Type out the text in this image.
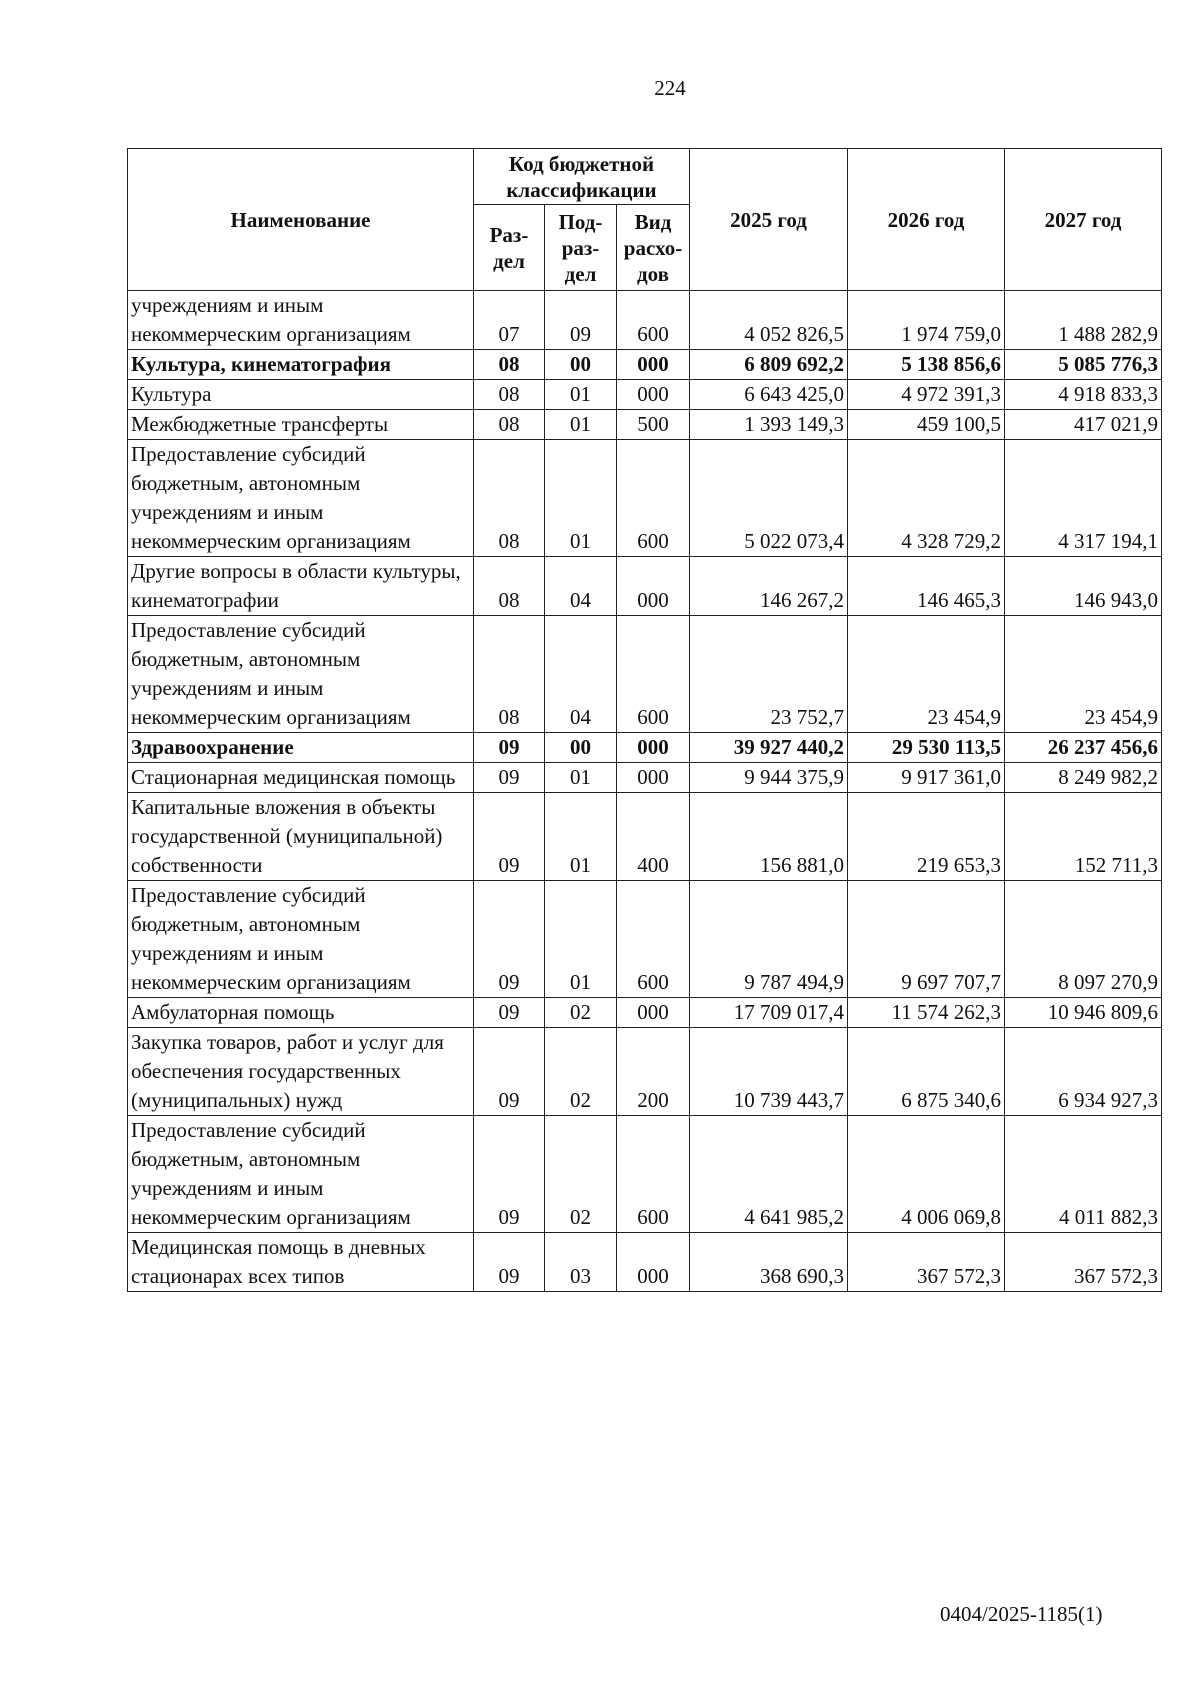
224
Наименование	Код бюджетной классификации			2025 год	2026 год	2027 год
	Раз-дел	Под-раз-дел	Вид расхо-дов			
учреждениям и иным некоммерческим организациям	07	09	600	4 052 826,5	1 974 759,0	1 488 282,9
Культура, кинематография	08	00	000	6 809 692,2	5 138 856,6	5 085 776,3
Культура	08	01	000	6 643 425,0	4 972 391,3	4 918 833,3
Межбюджетные трансферты	08	01	500	1 393 149,3	459 100,5	417 021,9
Предоставление субсидий бюджетным, автономным учреждениям и иным некоммерческим организациям	08	01	600	5 022 073,4	4 328 729,2	4 317 194,1
Другие вопросы в области культуры, кинематографии	08	04	000	146 267,2	146 465,3	146 943,0
Предоставление субсидий бюджетным, автономным учреждениям и иным некоммерческим организациям	08	04	600	23 752,7	23 454,9	23 454,9
Здравоохранение	09	00	000	39 927 440,2	29 530 113,5	26 237 456,6
Стационарная медицинская помощь	09	01	000	9 944 375,9	9 917 361,0	8 249 982,2
Капитальные вложения в объекты государственной (муниципальной) собственности	09	01	400	156 881,0	219 653,3	152 711,3
Предоставление субсидий бюджетным, автономным учреждениям и иным некоммерческим организациям	09	01	600	9 787 494,9	9 697 707,7	8 097 270,9
Амбулаторная помощь	09	02	000	17 709 017,4	11 574 262,3	10 946 809,6
Закупка товаров, работ и услуг для обеспечения государственных (муниципальных) нужд	09	02	200	10 739 443,7	6 875 340,6	6 934 927,3
Предоставление субсидий бюджетным, автономным учреждениям и иным некоммерческим организациям	09	02	600	4 641 985,2	4 006 069,8	4 011 882,3
Медицинская помощь в дневных стационарах всех типов	09	03	000	368 690,3	367 572,3	367 572,3
0404/2025-1185(1)
